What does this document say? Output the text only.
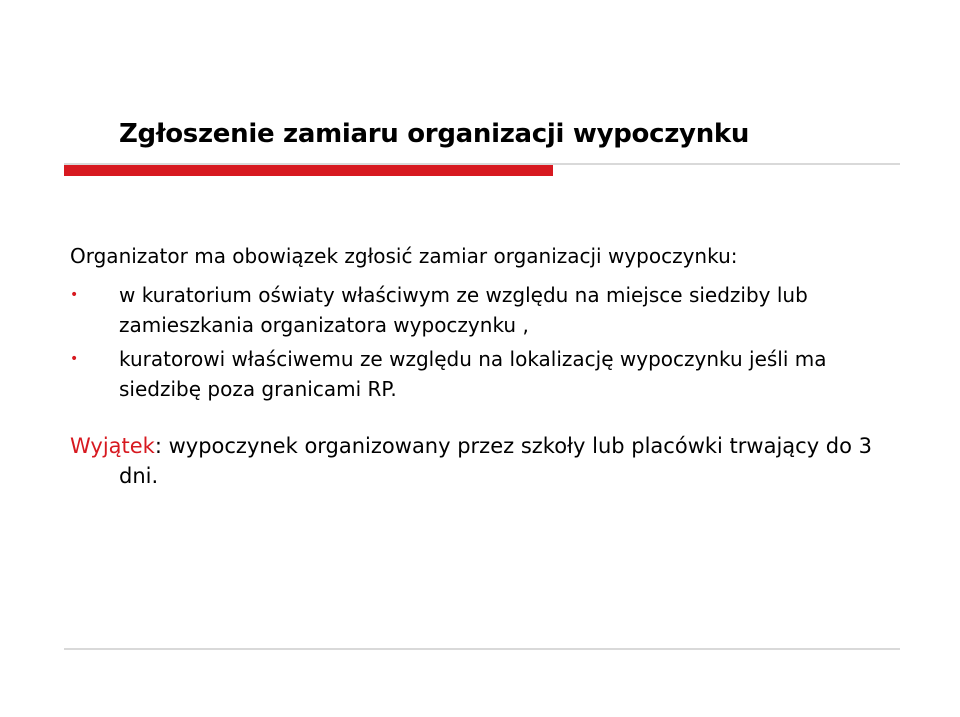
Zgłoszenie zamiaru organizacji wypoczynku

Organizator ma obowiązek zgłosić zamiar organizacji wypoczynku:

• w kuratorium oświaty właściwym ze względu na miejsce siedziby lub zamieszkania organizatora wypoczynku ,
• kuratorowi właściwemu ze względu na lokalizację wypoczynku jeśli ma siedzibę poza granicami RP.

Wyjątek: wypoczynek organizowany przez szkoły lub placówki trwający do 3 dni.
